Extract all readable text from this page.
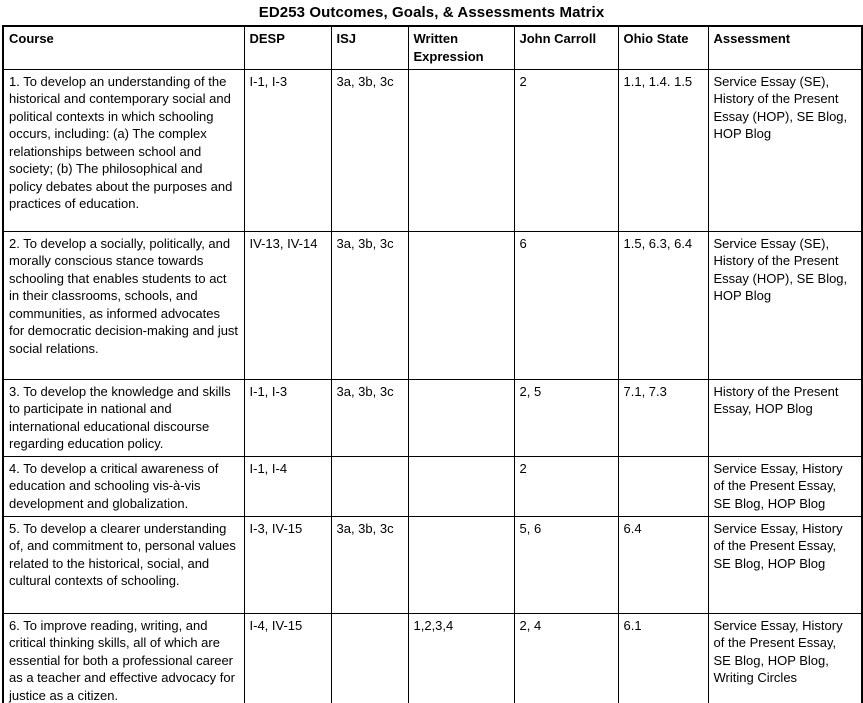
ED253 Outcomes, Goals, & Assessments Matrix
Course	DESP	ISJ	Written Expression	John Carroll	Ohio State	Assessment
1. To develop an understanding of the historical and contemporary social and political contexts in which schooling occurs, including: (a) The complex relationships between school and society; (b) The philosophical and policy debates about the purposes and practices of education.	I-1, I-3	3a, 3b, 3c		2	1.1, 1.4. 1.5	Service Essay (SE), History of the Present Essay (HOP), SE Blog, HOP Blog
2. To develop a socially, politically, and morally conscious stance towards schooling that enables students to act in their classrooms, schools, and communities, as informed advocates for democratic decision-making and just social relations.	IV-13, IV-14	3a, 3b, 3c		6	1.5, 6.3, 6.4	Service Essay (SE), History of the Present Essay (HOP), SE Blog, HOP Blog
3. To develop the knowledge and skills to participate in national and international educational discourse regarding education policy.	I-1, I-3	3a, 3b, 3c		2, 5	7.1, 7.3	History of the Present Essay, HOP Blog
4. To develop a critical awareness of education and schooling vis-à-vis development and globalization.	I-1, I-4			2		Service Essay, History of the Present Essay, SE Blog, HOP Blog
5. To develop a clearer understanding of, and commitment to, personal values related to the historical, social, and cultural contexts of schooling.	I-3, IV-15	3a, 3b, 3c		5, 6	6.4	Service Essay, History of the Present Essay, SE Blog, HOP Blog
6. To improve reading, writing, and critical thinking skills, all of which are essential for both a professional career as a teacher and effective advocacy for justice as a citizen.	I-4, IV-15		1,2,3,4	2, 4	6.1	Service Essay, History of the Present Essay, SE Blog, HOP Blog, Writing Circles
